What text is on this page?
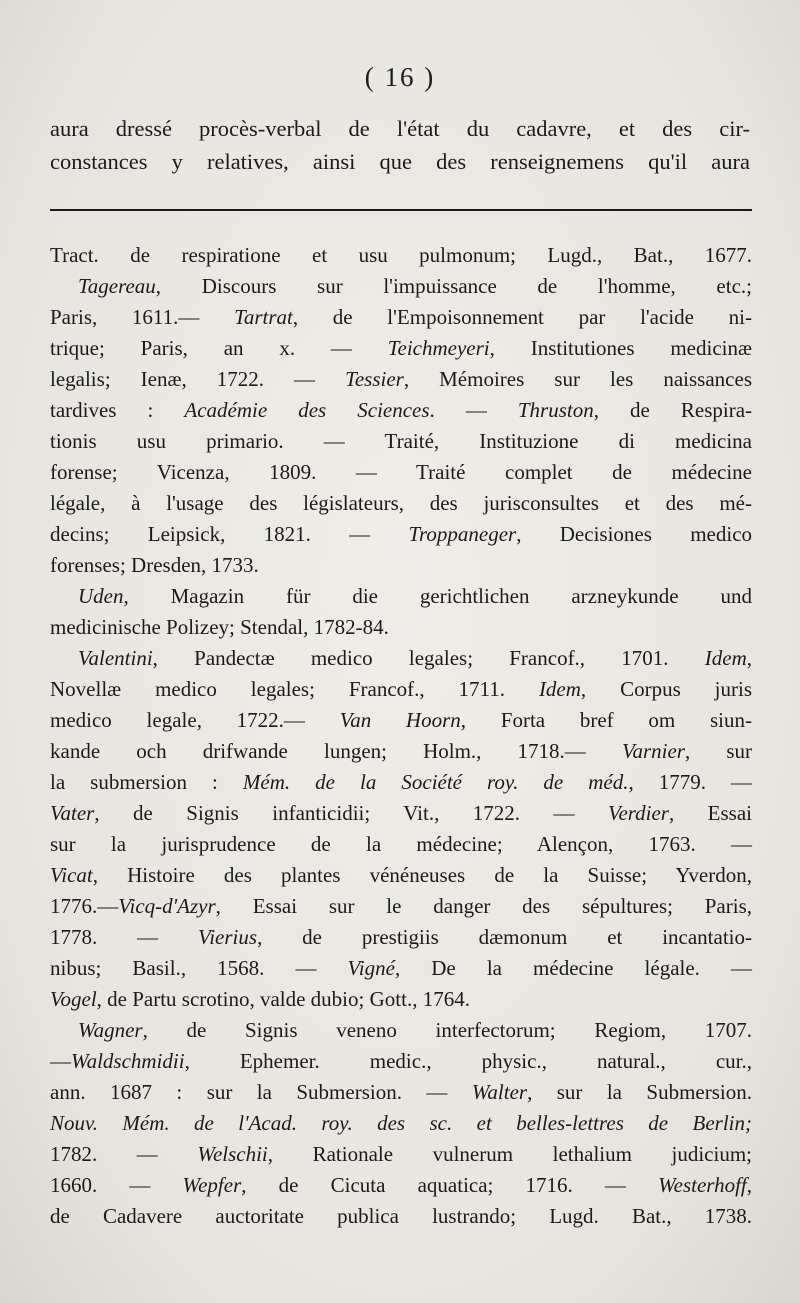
( 16 )
aura dressé procès-verbal de l'état du cadavre, et des cir-
constances y relatives, ainsi que des renseignemens qu'il aura
Tract. de respiratione et usu pulmonum; Lugd., Bat., 1677.
Tagereau, Discours sur l'impuissance de l'homme, etc.;
Paris, 1611.— Tartrat, de l'Empoisonnement par l'acide ni-
trique; Paris, an x. — Teichmeyeri, Institutiones medicinæ
legalis; Ienæ, 1722. — Tessier, Mémoires sur les naissances
tardives : Académie des Sciences. — Thruston, de Respira-
tionis usu primario. — Traité, Instituzione di medicina
forense; Vicenza, 1809. — Traité complet de médecine
légale, à l'usage des législateurs, des jurisconsultes et des mé-
decins; Leipsick, 1821. — Troppaneger, Decisiones medico
forenses; Dresden, 1733.
Uden, Magazin für die gerichtlichen arzneykunde und
medicinische Polizey; Stendal, 1782-84.
Valentini, Pandectæ medico legales; Francof., 1701. Idem,
Novellæ medico legales; Francof., 1711. Idem, Corpus juris
medico legale, 1722.— Van Hoorn, Forta bref om siun-
kande och drifwande lungen; Holm., 1718.— Varnier, sur
la submersion : Mém. de la Société roy. de méd., 1779. —
Vater, de Signis infanticidii; Vit., 1722. — Verdier, Essai
sur la jurisprudence de la médecine; Alençon, 1763. —
Vicat, Histoire des plantes vénéneuses de la Suisse; Yverdon,
1776.—Vicq-d'Azyr, Essai sur le danger des sépultures; Paris,
1778. — Vierius, de prestigiis dæmonum et incantatio-
nibus; Basil., 1568. — Vigné, De la médecine légale. —
Vogel, de Partu scrotino, valde dubio; Gott., 1764.
Wagner, de Signis veneno interfectorum; Regiom, 1707.
—Waldschmidii, Ephemer. medic., physic., natural., cur.,
ann. 1687 : sur la Submersion. — Walter, sur la Submersion.
Nouv. Mém. de l'Acad. roy. des sc. et belles-lettres de Berlin;
1782. — Welschii, Rationale vulnerum lethalium judicium;
1660. — Wepfer, de Cicuta aquatica; 1716. — Westerhoff,
de Cadavere auctoritate publica lustrando; Lugd. Bat., 1738.
